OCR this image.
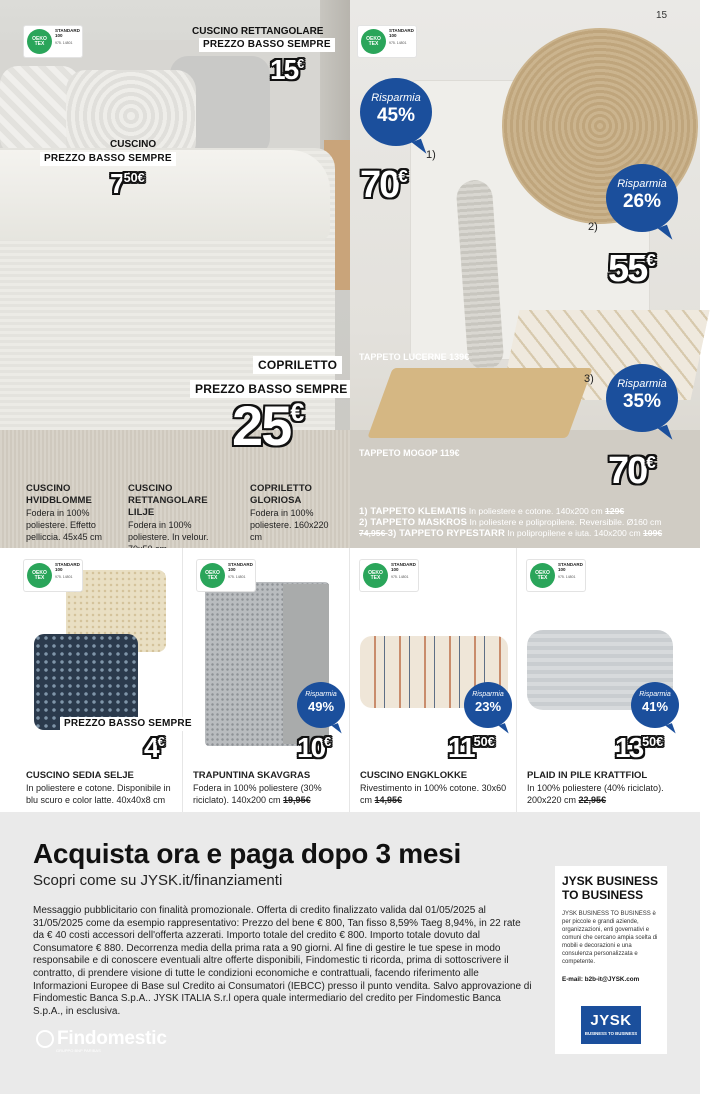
OEKO TEX
STANDARD 100
975. 14801
CUSCINO RETTANGOLARE
PREZZO BASSO SEMPRE
15€
CUSCINO
PREZZO BASSO SEMPRE
$7^{50€}$
COPRILETTO
PREZZO BASSO SEMPRE
25€
CUSCINO HVIDBLOMME
Fodera in 100% poliestere. Effetto pelliccia. 45x45 cm
CUSCINO RETTANGOLARE LILJE
Fodera in 100% poliestere. In velour.
COPRILETTO GLORIOSA
Fodera in 100% poliestere. 160x220 cm
OEKO TEX
STANDARD 100
975. 14801
Risparmia
45%
1)
70€	Risparmia
26%
2)
55€
TAPPETO LUCERNE 139€
Risparmia
35%
3)
TAPPETO MOGOP 119€	70€
1) TAPPETO KLEMATIS In poliestere e cotone. 140x200 cm 129€
2) TAPPETO MASKROS In poliestere e polipropilene. Reversibile. Ø160 cm
74,95€ 3) TAPPETO RYPESTARR In polipropilene e iuta. 140x200 cm 109€
15
OEKO TEX
STANDARD 100
975. 14801
PREZZO BASSO SEMPRE
4€
CUSCINO SEDIA SELJE
In poliestere e cotone. Disponibile in blu scuro e color latte. 40x40x8 cm
OEKO TEX
STANDARD 100
975. 14801
Risparmia
49%
10€
TRAPUNTINA SKAVGRAS
Fodera in 100% poliestere (30% riciclato). 140x200 cm 19,95€
OEKO TEX
STANDARD 100
975. 14801
Risparmia
23%
$11^{50€}$
CUSCINO ENGKLOKKE
Rivestimento in 100% cotone. 30x60 cm 14,95€
OEKO TEX
STANDARD 100
975. 14801
Risparmia
41%
$13^{50€}$
PLAID IN PILE KRATTFIOL
In 100% poliestere (40% riciclato). 200x220 cm 22,95€
Acquista ora e paga dopo 3 mesi
Scopri come su JYSK.it/finanziamenti

Messaggio pubblicitario con finalità promozionale. Offerta di credito finalizzato valida dal 01/05/2025 al 31/05/2025 come da esempio rappresentativo: Prezzo del bene € 800, Tan fisso 8,59% Taeg 8,94%, in 22 rate da € 40 costi accessori dell'offerta azzerati. Importo totale del credito € 800. Importo totale dovuto dal Consumatore € 880. Decorrenza media della prima rata a 90 giorni. Al fine di gestire le tue spese in modo responsabile e di conoscere eventuali altre offerte disponibili, Findomestic ti ricorda, prima di sottoscrivere il contratto, di prendere visione di tutte le condizioni economiche e contrattuali, facendo riferimento alle Informazioni Europee di Base sul Credito ai Consumatori (IEBCC) presso il punto vendita. Salvo approvazione di Findomestic Banca S.p.A.. JYSK ITALIA S.r.l opera quale intermediario del credito per Findomestic Banca S.p.A., in esclusiva.

Findomestic
GRUPPO BNP PARIBAS
JYSK BUSINESS TO BUSINESS
JYSK BUSINESS TO BUSINESS è per piccole e grandi aziende, organizzazioni, enti governativi e comuni che cercano ampia scelta di mobili e decorazioni e una consulenza personalizzata e competente.
E-mail: b2b-it@JYSK.com
JYSK
BUSINESS TO BUSINESS
